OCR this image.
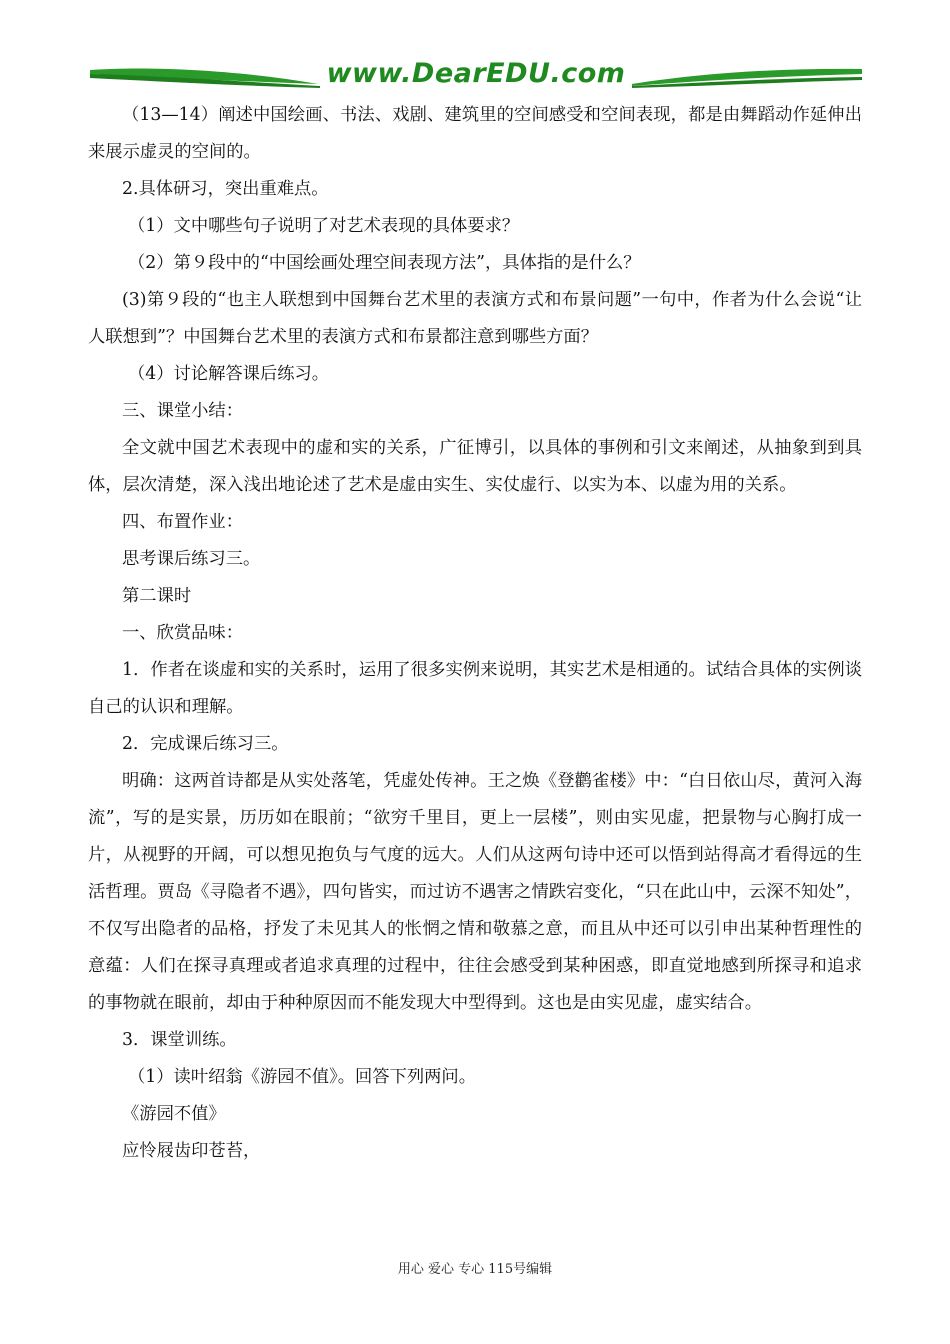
www.DearEDU.com

（13—14）阐述中国绘画、书法、戏剧、建筑里的空间感受和空间表现，都是由舞蹈动作延伸出来展示虚灵的空间的。

2.具体研习，突出重难点。

（1）文中哪些句子说明了对艺术表现的具体要求？

（2）第９段中的“中国绘画处理空间表现方法”，具体指的是什么？

(3)第９段的“也主人联想到中国舞台艺术里的表演方式和布景问题”一句中，作者为什么会说“让人联想到”？中国舞台艺术里的表演方式和布景都注意到哪些方面？

（4）讨论解答课后练习。

三、课堂小结：

全文就中国艺术表现中的虚和实的关系，广征博引，以具体的事例和引文来阐述，从抽象到到具体，层次清楚，深入浅出地论述了艺术是虚由实生、实仗虚行、以实为本、以虚为用的关系。

四、布置作业：

思考课后练习三。

第二课时

一、欣赏品味：

1．作者在谈虚和实的关系时，运用了很多实例来说明，其实艺术是相通的。试结合具体的实例谈自己的认识和理解。

2．完成课后练习三。

明确：这两首诗都是从实处落笔，凭虚处传神。王之焕《登鹳雀楼》中：“白日依山尽，黄河入海流”，写的是实景，历历如在眼前；“欲穷千里目，更上一层楼”，则由实见虚，把景物与心胸打成一片，从视野的开阔，可以想见抱负与气度的远大。人们从这两句诗中还可以悟到站得高才看得远的生活哲理。贾岛《寻隐者不遇》，四句皆实，而过访不遇害之情跌宕变化，“只在此山中，云深不知处”，不仅写出隐者的品格，抒发了未见其人的怅惘之情和敬慕之意，而且从中还可以引申出某种哲理性的意蕴：人们在探寻真理或者追求真理的过程中，往往会感受到某种困惑，即直觉地感到所探寻和追求的事物就在眼前，却由于种种原因而不能发现大中型得到。这也是由实见虚，虚实结合。

3．课堂训练。

（1）读叶绍翁《游园不值》。回答下列两问。

《游园不值》

应怜屐齿印苍苔，

用心 爱心 专心 115号编辑
